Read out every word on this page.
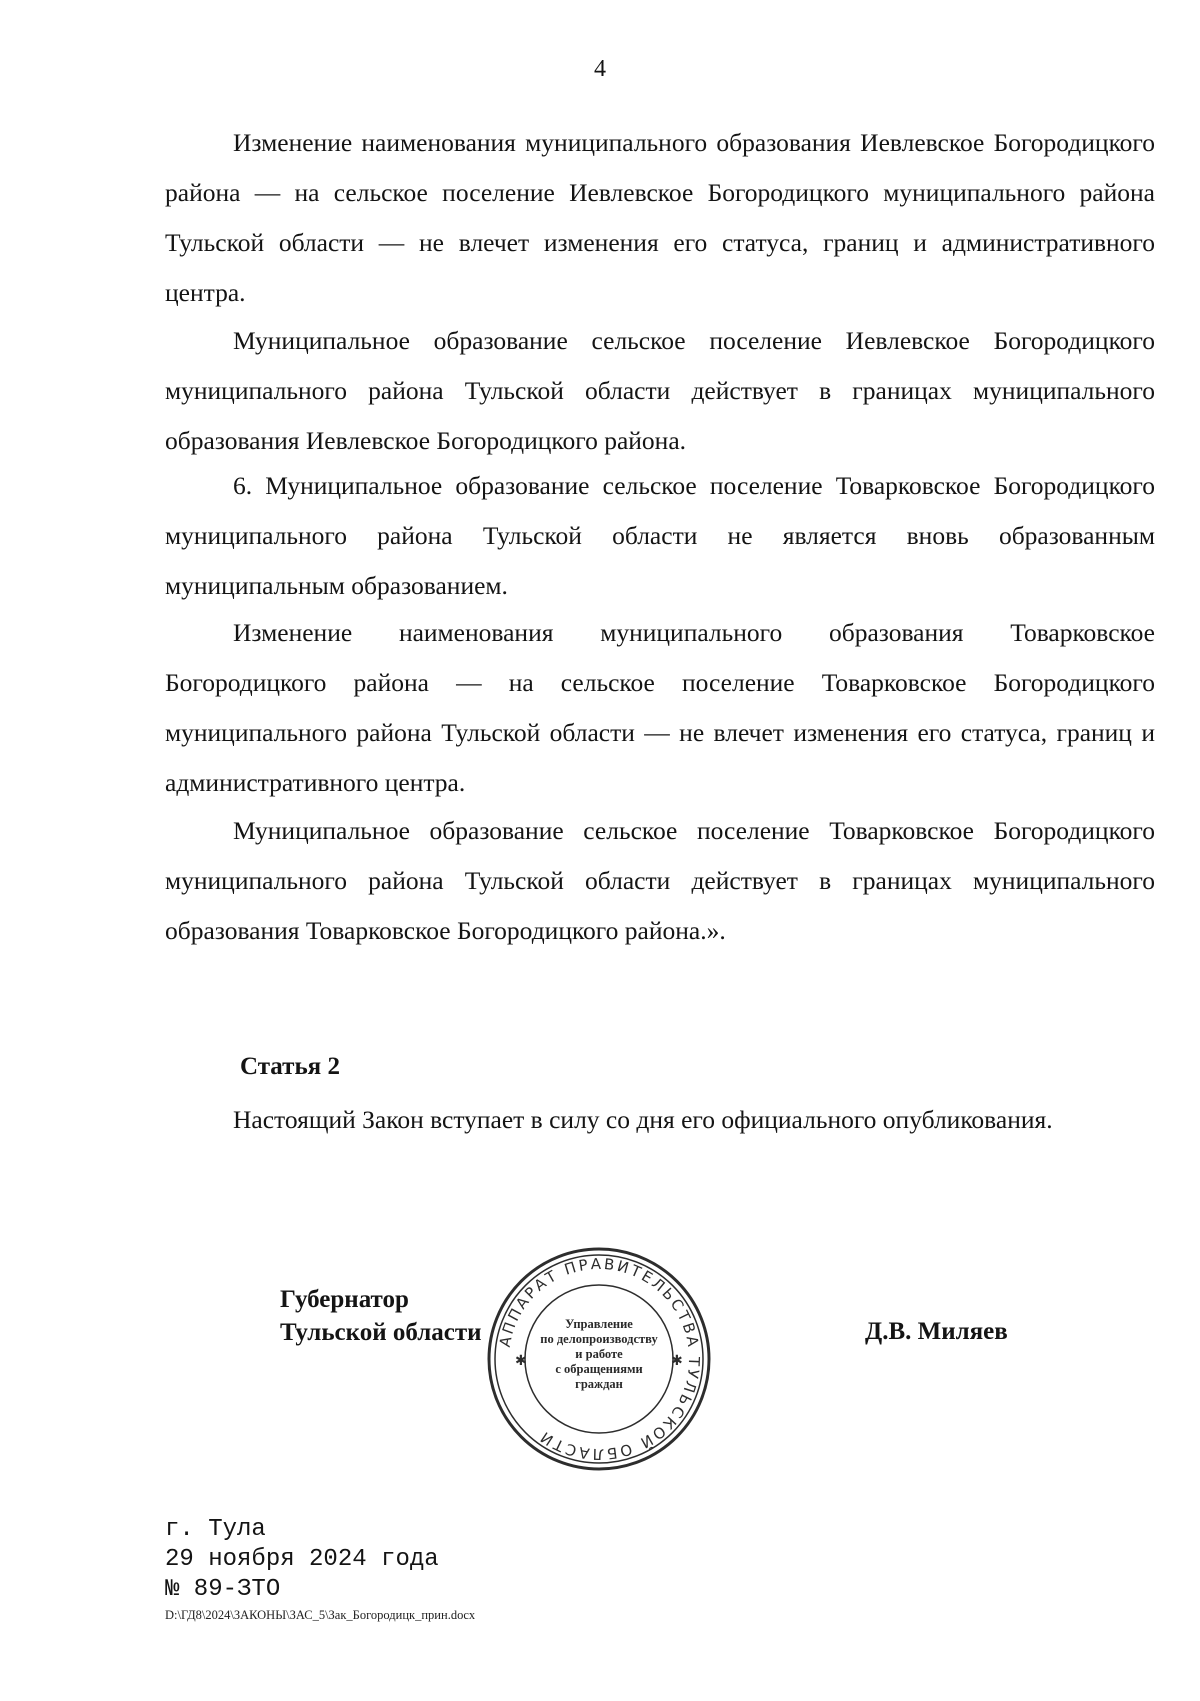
4

Изменение наименования муниципального образования Иевлевское Богородицкого района — на сельское поселение Иевлевское Богородицкого муниципального района Тульской области — не влечет изменения его статуса, границ и административного центра.

Муниципальное образование сельское поселение Иевлевское Богородицкого муниципального района Тульской области действует в границах муниципального образования Иевлевское Богородицкого района.

6. Муниципальное образование сельское поселение Товарковское Богородицкого муниципального района Тульской области не является вновь образованным муниципальным образованием.

Изменение наименования муниципального образования Товарковское Богородицкого района — на сельское поселение Товарковское Богородицкого муниципального района Тульской области — не влечет изменения его статуса, границ и административного центра.

Муниципальное образование сельское поселение Товарковское Богородицкого муниципального района Тульской области действует в границах муниципального образования Товарковское Богородицкого района.».

Статья 2

Настоящий Закон вступает в силу со дня его официального опубликования.

АППАРАТ ПРАВИТЕЛЬСТВА ТУЛЬСКОЙ ОБЛАСТИ
✱	✱
Управление
по делопроизводству
и работе
с обращениями
граждан
Губернатор
Тульской области	Д.В. Миляев
г. Тула
29 ноября 2024 года
№ 89-ЗТО
D:\ГД8\2024\ЗАКОНЫ\ЗАС_5\Зак_Богородицк_прин.docx
